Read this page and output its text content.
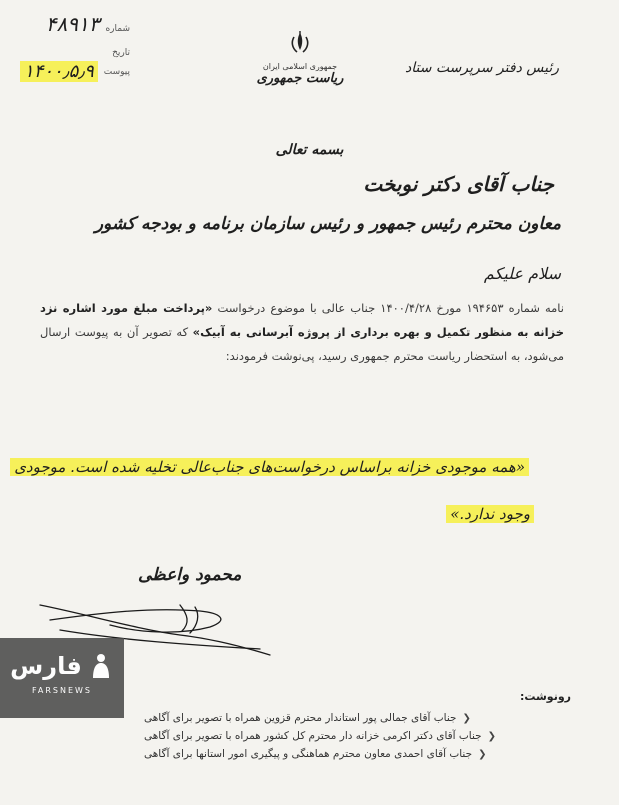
۴۸۹۱۳ شماره
تاریخ
۱۴۰۰٫۵٫۹	پیوست	جمهوری اسلامی ایران
ریاست جمهوری
رئیس دفتر سرپرست ستاد
بسمه تعالی
جناب آقای دکتر نوبخت
معاون محترم رئیس جمهور و رئیس سازمان برنامه و بودجه کشور
سلام علیکم
نامه شماره ۱۹۴۶۵۳ مورخ ۱۴۰۰/۴/۲۸ جناب عالی با موضوع درخواست «پرداخت مبلغ مورد اشاره نزد خزانه به منظور تکمیل و بهره برداری از پروژه آبرسانی به آبیک» که تصویر آن به پیوست ارسال می‌شود، به استحضار ریاست محترم جمهوری رسید، پی‌نوشت فرمودند:
«همه موجودی خزانه براساس درخواست‌های جناب‌عالی تخلیه شده است. موجودی
وجود ندارد.»
محمود واعظی
فارس
FARSNEWS	رونوشت:
❮
جناب آقای جمالی پور استاندار محترم قزوین همراه با تصویر برای آگاهی
❮
جناب آقای دکتر اکرمی خزانه دار محترم کل کشور همراه با تصویر برای آگاهی
❮
جناب آقای احمدی معاون محترم هماهنگی و پیگیری امور استانها برای آگاهی
